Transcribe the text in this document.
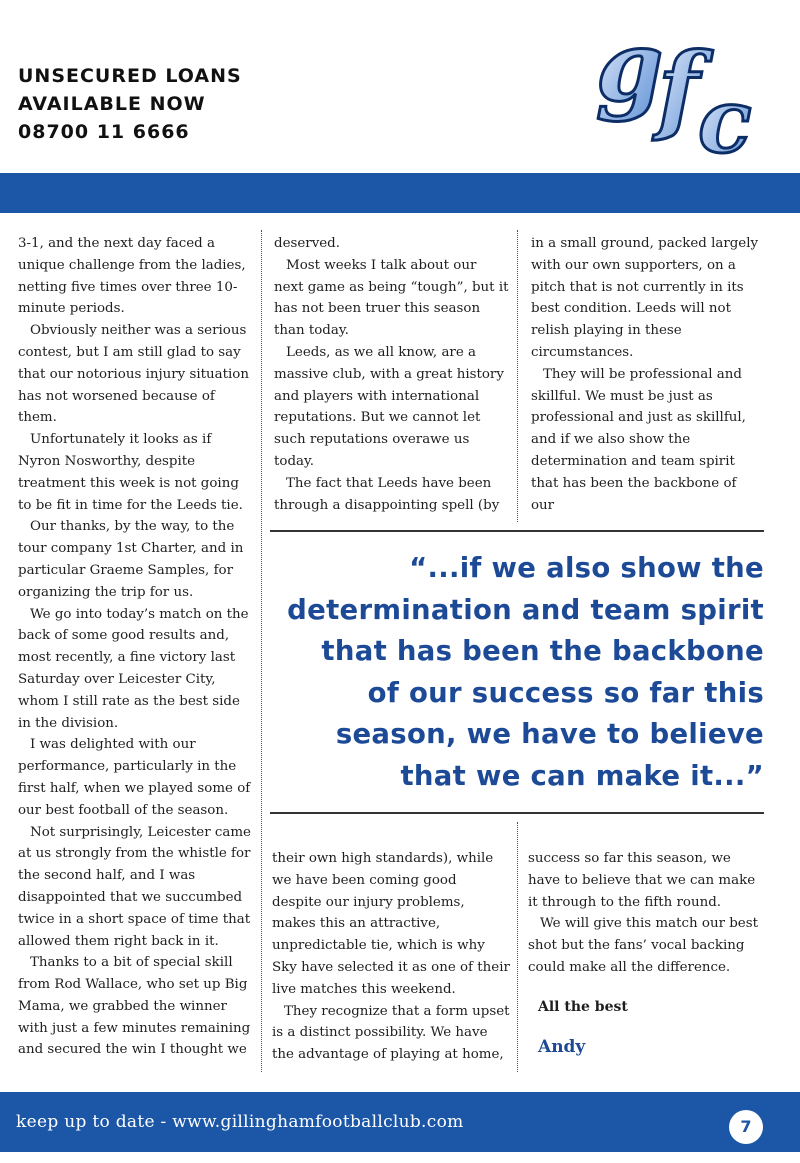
UNSECURED LOANS
AVAILABLE NOW
08700 11 6666
g
f
c

3-1, and the next day faced a unique challenge from the ladies, netting five times over three 10-minute periods.

Obviously neither was a serious contest, but I am still glad to say that our notorious injury situation has not worsened because of them.

Unfortunately it looks as if Nyron Nosworthy, despite treatment this week is not going to be fit in time for the Leeds tie.

Our thanks, by the way, to the tour company 1st Charter, and in particular Graeme Samples, for organizing the trip for us.

We go into today’s match on the back of some good results and, most recently, a fine victory last Saturday over Leicester City, whom I still rate as the best side in the division.

I was delighted with our performance, particularly in the first half, when we played some of our best football of the season.

Not surprisingly, Leicester came at us strongly from the whistle for the second half, and I was disappointed that we succumbed twice in a short space of time that allowed them right back in it.

Thanks to a bit of special skill from Rod Wallace, who set up Big Mama, we grabbed the winner with just a few minutes remaining and secured the win I thought we

deserved.

Most weeks I talk about our next game as being “tough”, but it has not been truer this season than today.

Leeds, as we all know, are a massive club, with a great history and players with international reputations. But we cannot let such reputations overawe us today.

The fact that Leeds have been through a disappointing spell (by

in a small ground, packed largely with our own supporters, on a pitch that is not currently in its best condition. Leeds will not relish playing in these circumstances.

They will be professional and skillful. We must be just as professional and just as skillful, and if we also show the determination and team spirit that has been the backbone of our

“...if we also show the
determination and team spirit
that has been the backbone
of our success so far this
season, we have to believe
that we can make it...”

their own high standards), while we have been coming good despite our injury problems, makes this an attractive, unpredictable tie, which is why Sky have selected it as one of their live matches this weekend.

They recognize that a form upset is a distinct possibility. We have the advantage of playing at home,

success so far this season, we have to believe that we can make it through to the fifth round.

We will give this match our best shot but the fans’ vocal backing could make all the difference.

All the best

Andy

keep up to date - www.gillinghamfootballclub.com	7
